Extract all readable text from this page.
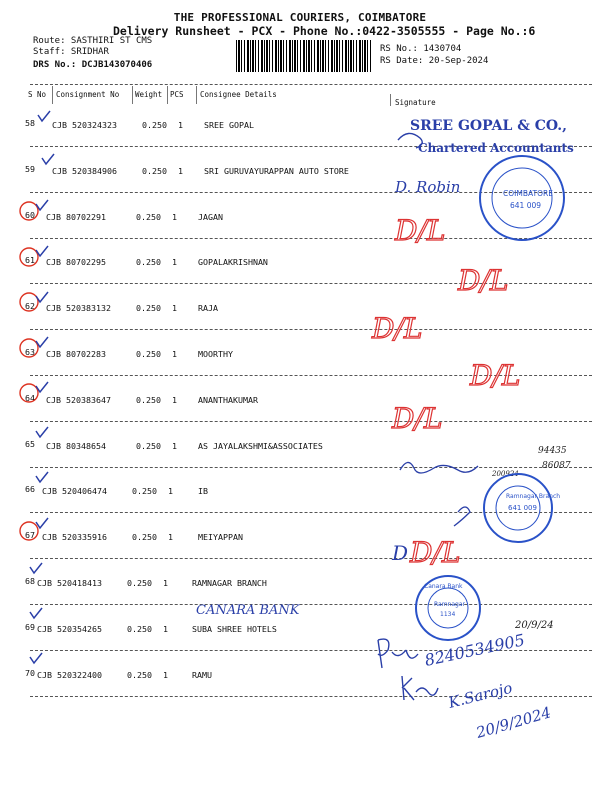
THE PROFESSIONAL COURIERS, COIMBATORE
Delivery Runsheet - PCX - Phone No.:0422-3505555 - Page No.:6
Route: SASTHIRI ST CMS
Staff: SRIDHAR
DRS No.: DCJB143070406
RS No.: 1430704
RS Date: 20-Sep-2024
S No Consignment No Weight PCS Consignee Details
Signature
58 CJB 520324323	0.250 1	SREE GOPAL
59 CJB 520384906	0.250 1	SRI GURUVAYURAPPAN AUTO STORE
60 CJB 80702291	0.250 1	JAGAN
61 CJB 80702295	0.250 1	GOPALAKRISHNAN
62 CJB 520383132	0.250 1	RAJA
63 CJB 80702283	0.250 1	MOORTHY
64 CJB 520383647	0.250 1	ANANTHAKUMAR
65 CJB 80348654	0.250 1	AS JAYALAKSHMI&ASSOCIATES
66 CJB 520406474	0.250 1	IB
67 CJB 520335916	0.250 1	MEIYAPPAN
68 CJB 520418413	0.250 1	RAMNAGAR BRANCH
69 CJB 520354265	0.250 1	SUBA SHREE HOTELS
70 CJB 520322400	0.250 1	RAMU
SREE GOPAL & CO.,
Chartered Accountants
COIMBATORE
641 009
D. Robin
D/L
D/L
D/L
D/L
D/L
D/L
D
94435
86087
200924
Ramnagar Branch
641 009
Canara Bank
Ramnagar
1134
CANARA BANK
20/9/24
8240534905
K.Sarojo
20/9/2024
